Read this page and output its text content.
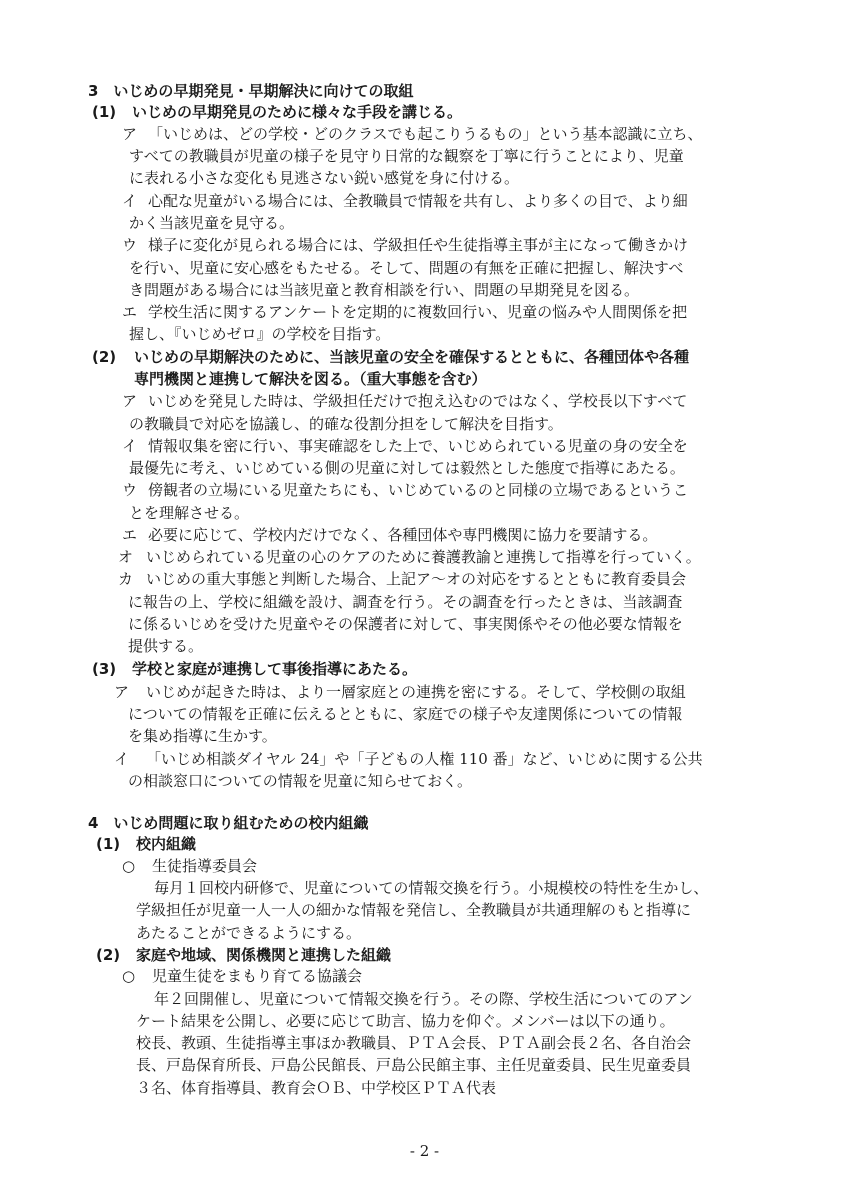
3　いじめの早期発見・早期解決に向けての取組
(1) いじめの早期発見のために様々な手段を講じる。
ア 「いじめは、どの学校・どのクラスでも起こりうるもの」という基本認識に立ち、
すべての教職員が児童の様子を見守り日常的な観察を丁寧に行うことにより、児童
に表れる小さな変化も見逃さない鋭い感覚を身に付ける。
イ 心配な児童がいる場合には、全教職員で情報を共有し、より多くの目で、より細
かく当該児童を見守る。
ウ 様子に変化が見られる場合には、学級担任や生徒指導主事が主になって働きかけ
を行い、児童に安心感をもたせる。そして、問題の有無を正確に把握し、解決すべ
き問題がある場合には当該児童と教育相談を行い、問題の早期発見を図る。
エ 学校生活に関するアンケートを定期的に複数回行い、児童の悩みや人間関係を把
握し、『いじめゼロ』の学校を目指す。
(2) いじめの早期解決のために、当該児童の安全を確保するとともに、各種団体や各種
専門機関と連携して解決を図る。（重大事態を含む）
ア いじめを発見した時は、学級担任だけで抱え込むのではなく、学校長以下すべて
の教職員で対応を協議し、的確な役割分担をして解決を目指す。
イ 情報収集を密に行い、事実確認をした上で、いじめられている児童の身の安全を
最優先に考え、いじめている側の児童に対しては毅然とした態度で指導にあたる。
ウ 傍観者の立場にいる児童たちにも、いじめているのと同様の立場であるというこ
とを理解させる。
エ 必要に応じて、学校内だけでなく、各種団体や専門機関に協力を要請する。
オ いじめられている児童の心のケアのために養護教諭と連携して指導を行っていく。
カ いじめの重大事態と判断した場合、上記ア～オの対応をするとともに教育委員会
に報告の上、学校に組織を設け、調査を行う。その調査を行ったときは、当該調査
に係るいじめを受けた児童やその保護者に対して、事実関係やその他必要な情報を
提供する。
(3) 学校と家庭が連携して事後指導にあたる。
ア いじめが起きた時は、より一層家庭との連携を密にする。そして、学校側の取組
についての情報を正確に伝えるとともに、家庭での様子や友達関係についての情報
を集め指導に生かす。
イ 「いじめ相談ダイヤル 24」や「子どもの人権 110 番」など、いじめに関する公共
の相談窓口についての情報を児童に知らせておく。
4　いじめ問題に取り組むための校内組織
(1) 校内組織
○ 生徒指導委員会
毎月１回校内研修で、児童についての情報交換を行う。小規模校の特性を生かし、
学級担任が児童一人一人の細かな情報を発信し、全教職員が共通理解のもと指導に
あたることができるようにする。
(2) 家庭や地域、関係機関と連携した組織
○ 児童生徒をまもり育てる協議会
年２回開催し、児童について情報交換を行う。その際、学校生活についてのアン
ケート結果を公開し、必要に応じて助言、協力を仰ぐ。メンバーは以下の通り。
校長、教頭、生徒指導主事ほか教職員、ＰＴＡ会長、ＰＴＡ副会長２名、各自治会
長、戸島保育所長、戸島公民館長、戸島公民館主事、主任児童委員、民生児童委員
３名、体育指導員、教育会ＯＢ、中学校区ＰＴＡ代表
- 2 -
